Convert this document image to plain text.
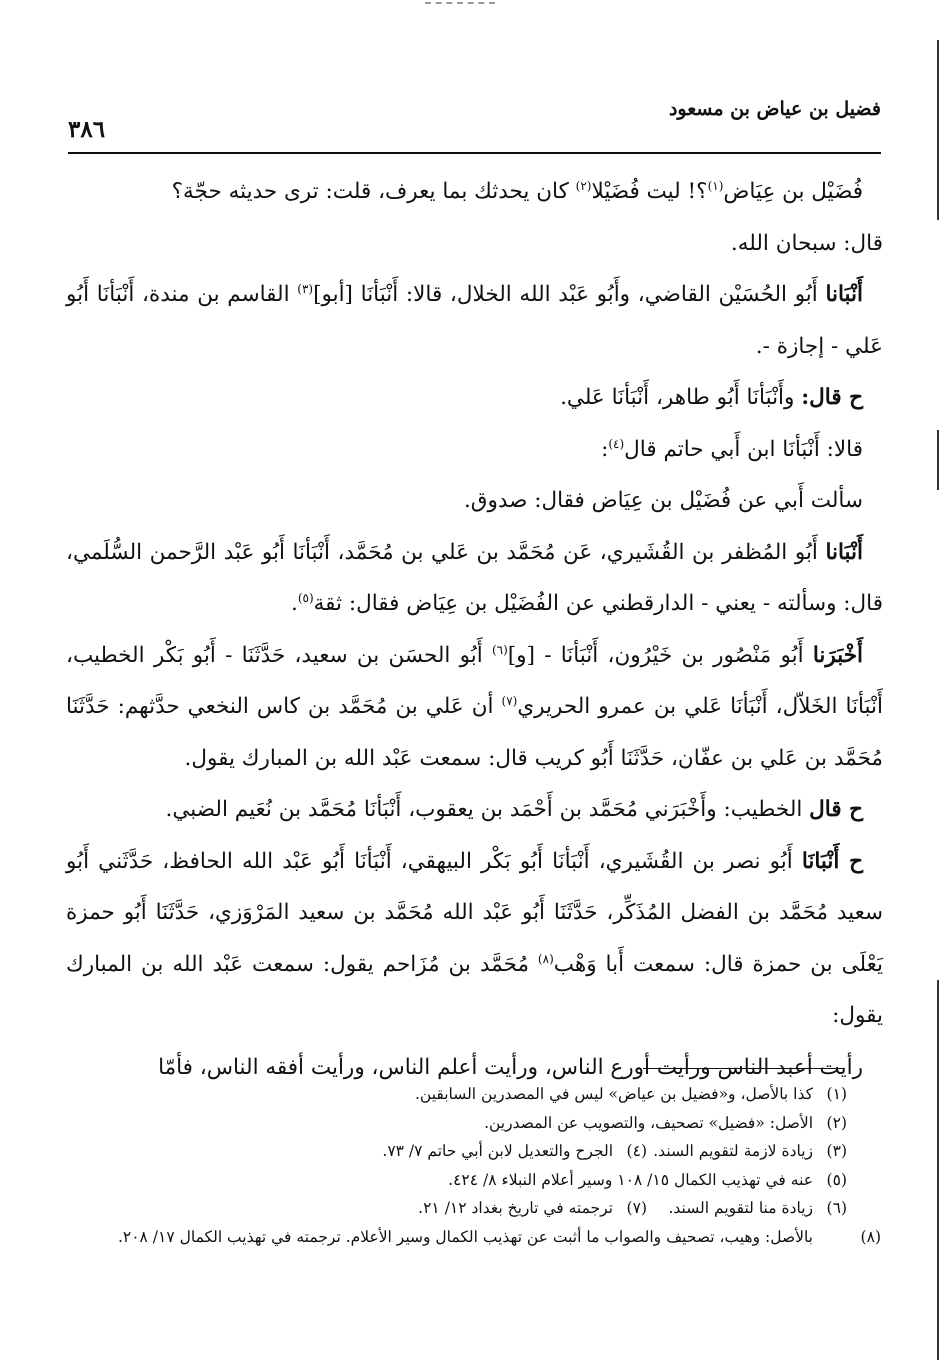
فضيل بن عياض بن مسعود
٣٨٦

فُضَيْل بن عِيَاض$^{(١)}$؟! ليت فُضَيْلا$^{(٢)}$ كان يحدثك بما يعرف، قلت: ترى حديثه حجّة؟

قال: سبحان الله.

أَنْبَانا أَبُو الحُسَيْن القاضي، وأَبُو عَبْد الله الخلال، قالا: أَنْبَأنَا [أبو]$^{(٣)}$ القاسم بن مندة، أَنْبَأنَا أَبُو عَلي - إجازة -.

ح قال: وأَنْبَأنَا أَبُو طاهر، أَنْبَأنَا عَلي.

قالا: أَنْبَأنَا ابن أَبي حاتم قال$^{(٤)}$:

سألت أَبي عن فُضَيْل بن عِيَاض فقال: صدوق.

أَنْبَانا أَبُو المُظفر بن القُشَيري، عَن مُحَمَّد بن عَلي بن مُحَمَّد، أَنْبَأنَا أَبُو عَبْد الرَّحمن السُّلَمي، قال: وسألته - يعني - الدارقطني عن الفُضَيْل بن عِيَاض فقال: ثقة$^{(٥)}$.

أَخْبَرَنا أَبُو مَنْصُور بن خَيْرُون، أَنْبَأنَا - [و]$^{(٦)}$ أَبُو الحسَن بن سعيد، حَدَّثَنَا - أَبُو بَكْر الخطيب، أَنْبَأنَا الخَلاّل، أَنْبَأنَا عَلي بن عمرو الحريري$^{(٧)}$ أن عَلي بن مُحَمَّد بن كاس النخعي حدَّثهم: حَدَّثَنَا مُحَمَّد بن عَلي بن عفّان، حَدَّثَنَا أَبُو كريب قال: سمعت عَبْد الله بن المبارك يقول.

ح قال الخطيب: وأَخْبَرَني مُحَمَّد بن أَحْمَد بن يعقوب، أَنْبَأنَا مُحَمَّد بن نُعَيم الضبي.

ح أَنْبَانَا أَبُو نصر بن القُشَيري، أَنْبَأنَا أَبُو بَكْر البيهقي، أَنْبَأنَا أَبُو عَبْد الله الحافظ، حَدَّثَني أَبُو سعيد مُحَمَّد بن الفضل المُذَكِّر، حَدَّثَنَا أَبُو عَبْد الله مُحَمَّد بن سعيد المَرْوَزي، حَدَّثَنَا أَبُو حمزة يَعْلَى بن حمزة قال: سمعت أَبا وَهْب$^{(٨)}$ مُحَمَّد بن مُزَاحم يقول: سمعت عَبْد الله بن المبارك يقول:

رأيت أعبد الناس ورأيت أورع الناس، ورأيت أعلم الناس، ورأيت أفقه الناس، فأمّا

(١)كذا بالأصل، و«فضيل بن عياض» ليس في المصدرين السابقين.

(٢)الأصل: «فضيل» تصحيف، والتصويب عن المصدرين.

(٣)زيادة لازمة لتقويم السند.
(٤)الجرح والتعديل لابن أبي حاتم ٧/ ٧٣.

(٥)عنه في تهذيب الكمال ١٥/ ١٠٨ وسير أعلام النبلاء ٨/ ٤٢٤.

(٦)زيادة منا لتقويم السند.
(٧)ترجمته في تاريخ بغداد ١٢/ ٢١.

(٨)بالأصل: وهيب، تصحيف والصواب ما أثبت عن تهذيب الكمال وسير الأعلام. ترجمته في تهذيب الكمال ١٧/ ٢٠٨.
